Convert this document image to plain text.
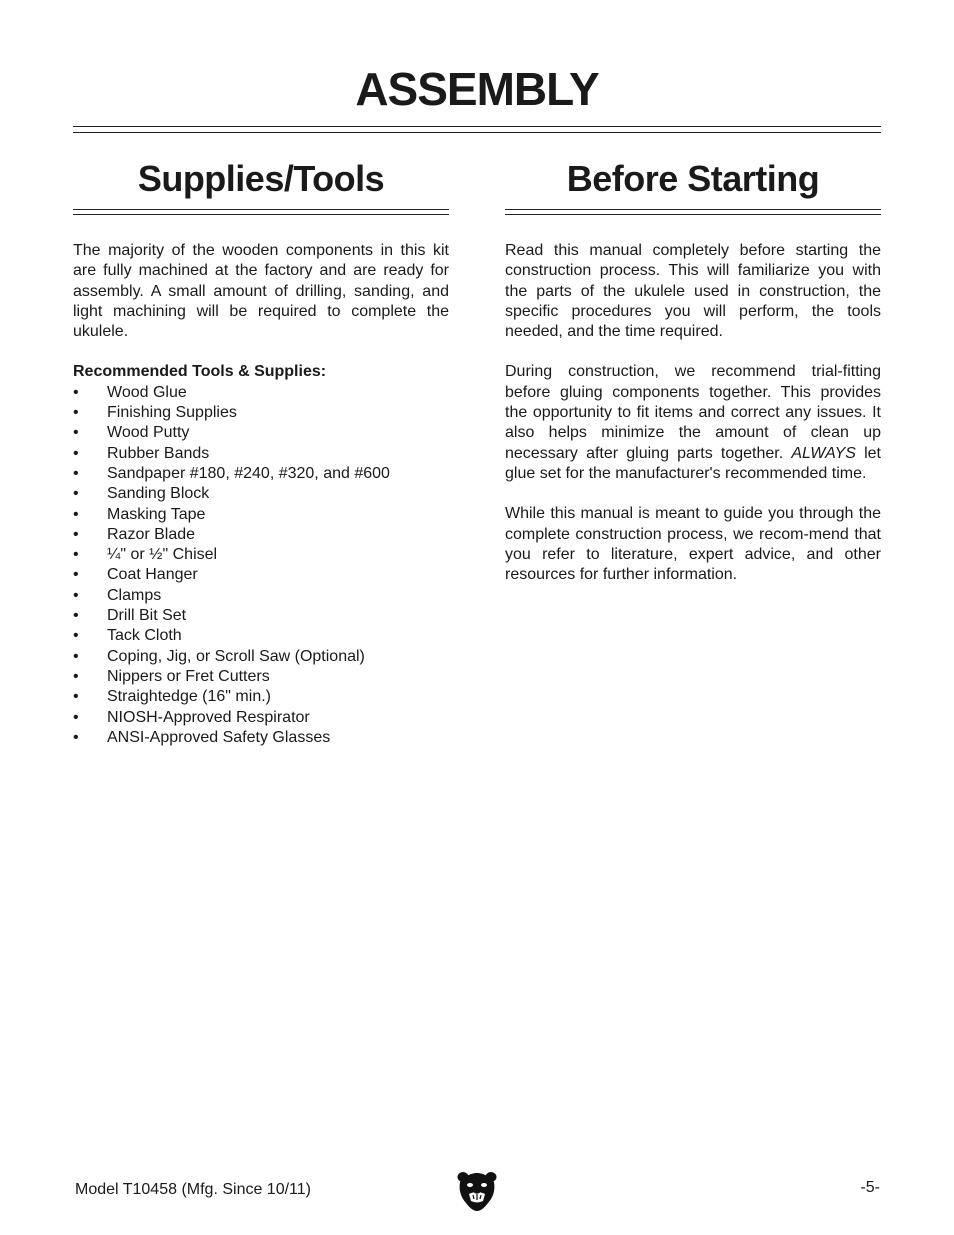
ASSEMBLY
Supplies/Tools

The majority of the wooden components in this kit are fully machined at the factory and are ready for assembly. A small amount of drilling, sanding, and light machining will be required to complete the ukulele.

Recommended Tools & Supplies:

• Wood Glue
• Finishing Supplies
• Wood Putty
• Rubber Bands
• Sandpaper #180, #240, #320, and #600
• Sanding Block
• Masking Tape
• Razor Blade
• ¼" or ½" Chisel
• Coat Hanger
• Clamps
• Drill Bit Set
• Tack Cloth
• Coping, Jig, or Scroll Saw (Optional)
• Nippers or Fret Cutters
• Straightedge (16" min.)
• NIOSH-Approved Respirator
• ANSI-Approved Safety Glasses
Before Starting

Read this manual completely before starting the construction process. This will familiarize you with the parts of the ukulele used in construction, the specific procedures you will perform, the tools needed, and the time required.

During construction, we recommend trial-fitting before gluing components together. This provides the opportunity to fit items and correct any issues. It also helps minimize the amount of clean up necessary after gluing parts together. ALWAYS let glue set for the manufacturer's recommended time.

While this manual is meant to guide you through the complete construction process, we recom-mend that you refer to literature, expert advice, and other resources for further information.

Model T10458 (Mfg. Since 10/11)	-5-
